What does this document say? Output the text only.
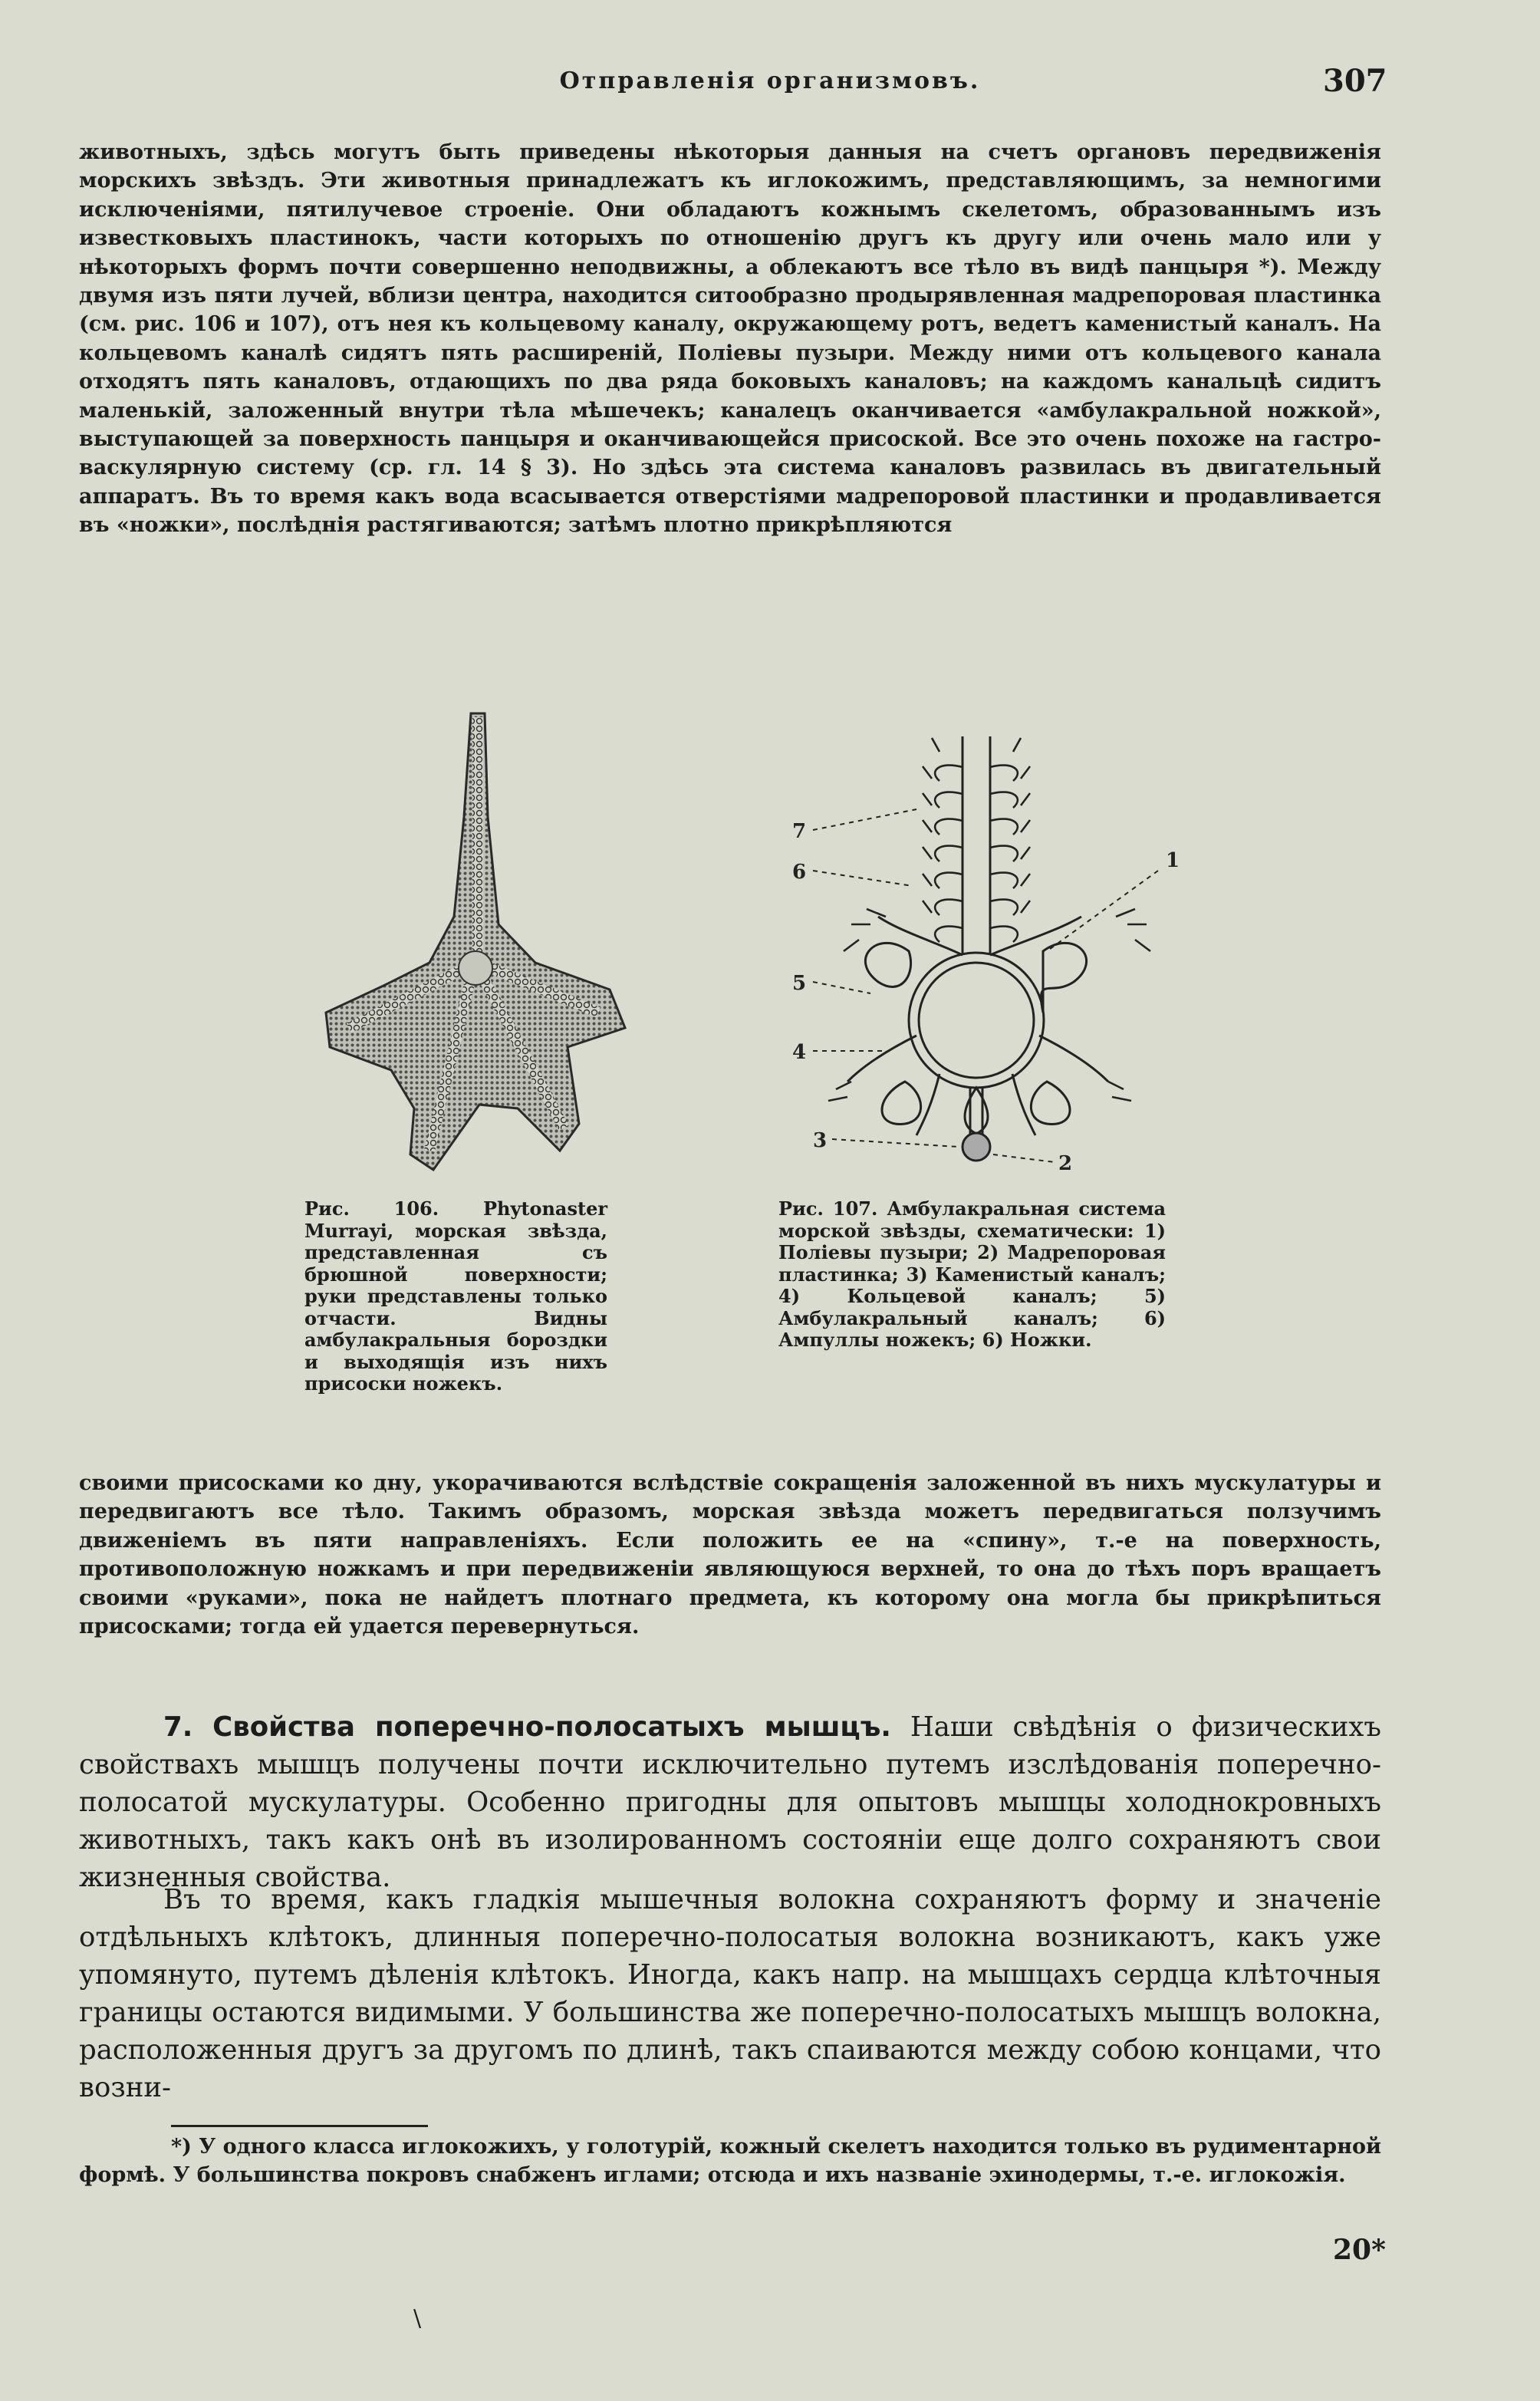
Отправленія организмовъ.	307

животныхъ, здѣсь могутъ быть приведены нѣкоторыя данныя на счетъ органовъ передвиженія морскихъ звѣздъ. Эти животныя принадлежатъ къ иглокожимъ, представляющимъ, за немногими исключеніями, пятилучевое строеніе. Они обладаютъ кожнымъ скелетомъ, образованнымъ изъ известковыхъ пластинокъ, части которыхъ по отношенію другъ къ другу или очень мало или у нѣкоторыхъ формъ почти совершенно неподвижны, а облекаютъ все тѣло въ видѣ панцыря *). Между двумя изъ пяти лучей, вблизи центра, находится ситообразно продырявленная мадрепоровая пластинка (см. рис. 106 и 107), отъ нея къ кольцевому каналу, окружающему ротъ, ведетъ каменистый каналъ. На кольцевомъ каналѣ сидятъ пять расширеній, Поліевы пузыри. Между ними отъ кольцевого канала отходятъ пять каналовъ, отдающихъ по два ряда боковыхъ каналовъ; на каждомъ канальцѣ сидитъ маленькій, заложенный внутри тѣла мѣшечекъ; каналецъ оканчивается «амбулакральной ножкой», выступающей за поверхность панцыря и оканчивающейся присоской. Все это очень похоже на гастро-васкулярную систему (ср. гл. 14 § 3). Но здѣсь эта система каналовъ развилась въ двигательный аппаратъ. Въ то время какъ вода всасывается отверстіями мадрепоровой пластинки и продавливается въ «ножки», послѣднія растягиваются; затѣмъ плотно прикрѣпляются

Рис. 106. Phytonaster Murrayi, морская звѣзда, представленная съ брюшной поверхности; руки представлены только отчасти. Видны амбулакральныя бороздки и выходящія изъ нихъ присоски ножекъ.
7
6
5
4
3
1
2
Рис. 107. Амбулакральная система морской звѣзды, схематически: 1) Поліевы пузыри; 2) Мадрепоровая пластинка; 3) Каменистый каналъ; 4) Кольцевой каналъ; 5) Амбулакральный каналъ; 6) Ампуллы ножекъ; 6) Ножки.

своими присосками ко дну, укорачиваются вслѣдствіе сокращенія заложенной въ нихъ мускулатуры и передвигаютъ все тѣло. Такимъ образомъ, морская звѣзда можетъ передвигаться ползучимъ движеніемъ въ пяти направленіяхъ. Если положить ее на «спину», т.-е на поверхность, противоположную ножкамъ и при передвиженіи являющуюся верхней, то она до тѣхъ поръ вращаетъ своими «руками», пока не найдетъ плотнаго предмета, къ которому она могла бы прикрѣпиться присосками; тогда ей удается перевернуться.

7. Свойства поперечно-полосатыхъ мышцъ. Наши свѣдѣнія о физическихъ свойствахъ мышцъ получены почти исключительно путемъ изслѣдованія поперечно-полосатой мускулатуры. Особенно пригодны для опытовъ мышцы холоднокровныхъ животныхъ, такъ какъ онѣ въ изолированномъ состояніи еще долго сохраняютъ свои жизненныя свойства.

Въ то время, какъ гладкія мышечныя волокна сохраняютъ форму и значеніе отдѣльныхъ клѣтокъ, длинныя поперечно-полосатыя волокна возникаютъ, какъ уже упомянуто, путемъ дѣленія клѣтокъ. Иногда, какъ напр. на мышцахъ сердца клѣточныя границы остаются видимыми. У большинства же поперечно-полосатыхъ мышцъ волокна, расположенныя другъ за другомъ по длинѣ, такъ спаиваются между собою концами, что возни-

*) У одного класса иглокожихъ, у голотурій, кожный скелетъ находится только въ рудиментарной формѣ. У большинства покровъ снабженъ иглами; отсюда и ихъ названіе эхинодермы, т.-е. иглокожія.

20*
\
